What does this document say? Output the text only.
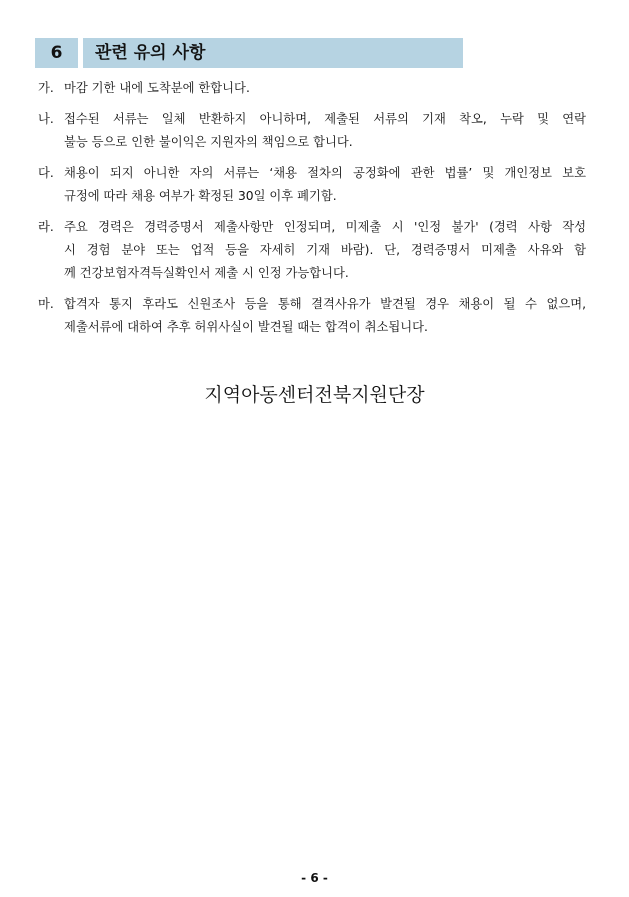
6	관련 유의 사항
가. 마감 기한 내에 도착분에 한합니다.
나. 접수된 서류는 일체 반환하지 아니하며, 제출된 서류의 기재 착오, 누락 및 연락
불능 등으로 인한 불이익은 지원자의 책임으로 합니다.
다. 채용이 되지 아니한 자의 서류는 ‘채용 절차의 공정화에 관한 법률’ 및 개인정보 보호
규정에 따라 채용 여부가 확정된 30일 이후 폐기함.
라. 주요 경력은 경력증명서 제출사항만 인정되며, 미제출 시 '인정 불가' (경력 사항 작성
시 경험 분야 또는 업적 등을 자세히 기재 바람). 단, 경력증명서 미제출 사유와 함
께 건강보험자격득실확인서 제출 시 인정 가능합니다.
마. 합격자 통지 후라도 신원조사 등을 통해 결격사유가 발견될 경우 채용이 될 수 없으며,
제출서류에 대하여 추후 허위사실이 발견될 때는 합격이 취소됩니다.
지역아동센터전북지원단장
- 6 -
